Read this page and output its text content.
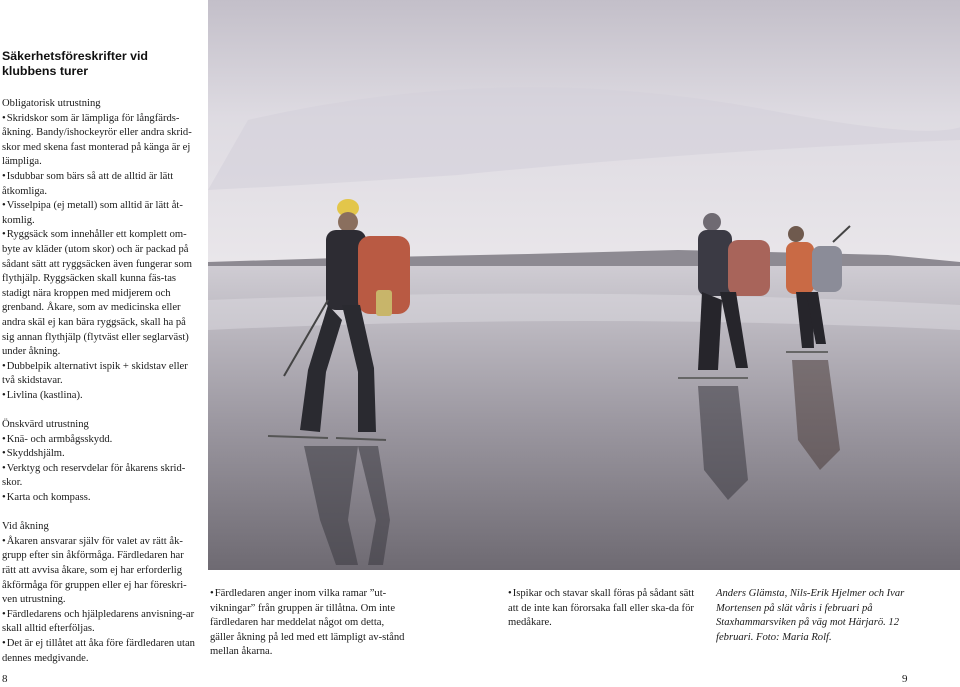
Säkerhetsföreskrifter vid klubbens turer

Obligatorisk utrustning

• Skridskor som är lämpliga för långfärds-åkning. Bandy/ishockeyrör eller andra skrid-skor med skena fast monterad på känga är ej lämpliga.

• Isdubbar som bärs så att de alltid är lätt åtkomliga.

• Visselpipa (ej metall) som alltid är lätt åt-komlig.

• Ryggsäck som innehåller ett komplett om-byte av kläder (utom skor) och är packad på sådant sätt att ryggsäcken även fungerar som flythjälp. Ryggsäcken skall kunna fäs-tas stadigt nära kroppen med midjerem och grenband. Åkare, som av medicinska eller andra skäl ej kan bära ryggsäck, skall ha på sig annan flythjälp (flytväst eller seglarväst) under åkning.

• Dubbelpik alternativt ispik + skidstav eller två skidstavar.

• Livlina (kastlina).

Önskvärd utrustning

• Knä- och armbågsskydd.

• Skyddshjälm.

• Verktyg och reservdelar för åkarens skrid-skor.

• Karta och kompass.

Vid åkning

• Åkaren ansvarar själv för valet av rätt åk-grupp efter sin åkförmåga. Färdledaren har rätt att avvisa åkare, som ej har erforderlig åkförmåga för gruppen eller ej har föreskri-ven utrustning.

• Färdledarens och hjälpledarens anvisning-ar skall alltid efterföljas.

• Det är ej tillåtet att åka före färdledaren utan dennes medgivande.

• Färdledaren anger inom vilka ramar ”ut-vikningar” från gruppen är tillåtna. Om inte färdledaren har meddelat något om detta, gäller åkning på led med ett lämpligt av-stånd mellan åkarna.

• Ispikar och stavar skall föras på sådant sätt att de inte kan förorsaka fall eller ska-da för medåkare.

Anders Glämsta, Nils-Erik Hjelmer och Ivar Mortensen på slät våris i februari på Staxhammarsviken på väg mot Härjarö. 12 februari. Foto: Maria Rolf.
8	9
